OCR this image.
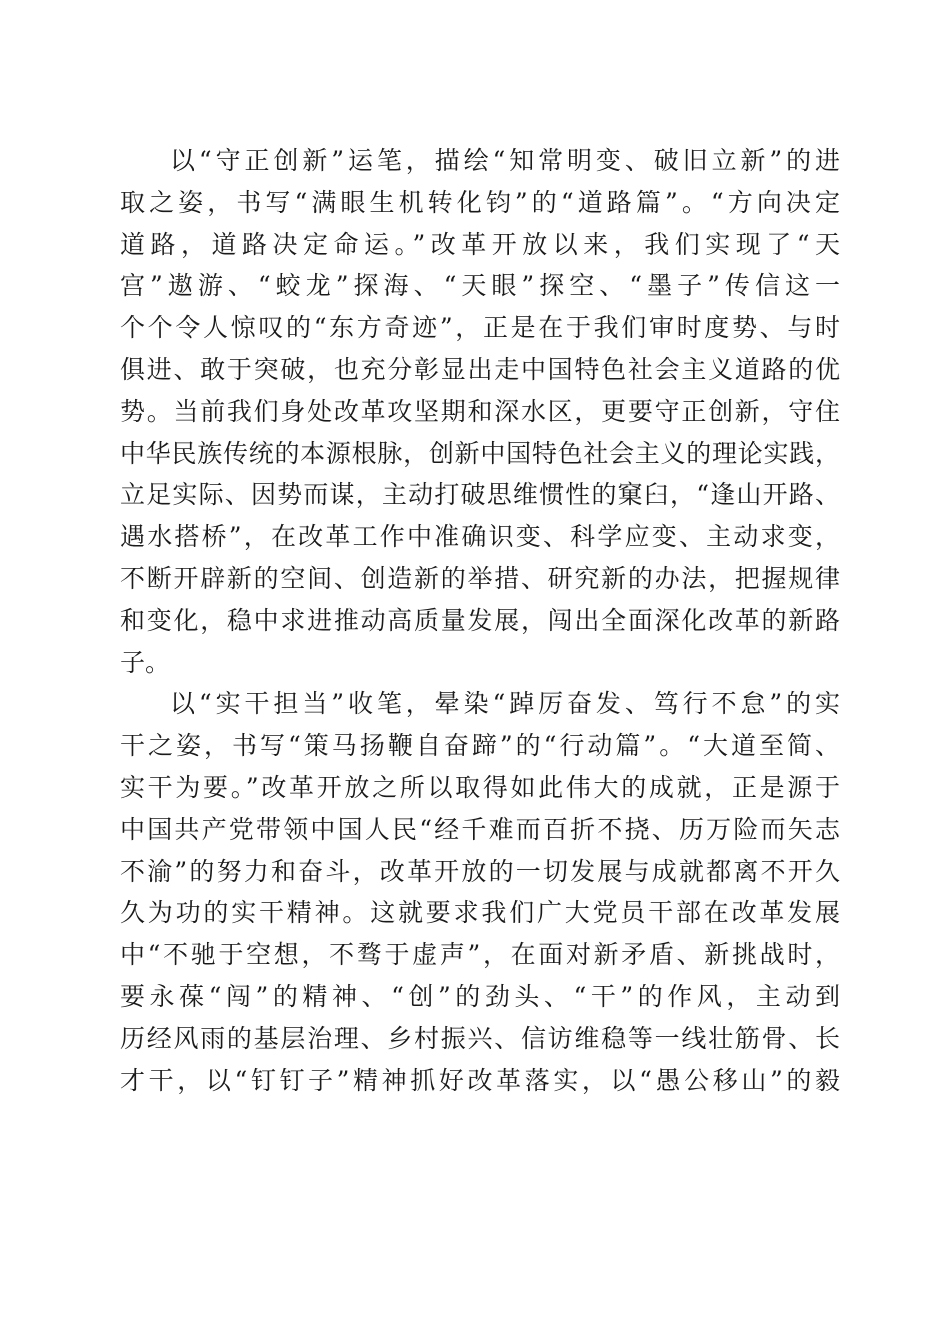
以“守正创新”运笔，描绘“知常明变、破旧立新”的进
取之姿，书写“满眼生机转化钧”的“道路篇”。“方向决定
道路，道路决定命运。”改革开放以来，我们实现了“天
宫”遨游、“蛟龙”探海、“天眼”探空、“墨子”传信这一
个个令人惊叹的“东方奇迹”，正是在于我们审时度势、与时
俱进、敢于突破，也充分彰显出走中国特色社会主义道路的优
势。当前我们身处改革攻坚期和深水区，更要守正创新，守住
中华民族传统的本源根脉，创新中国特色社会主义的理论实践，
立足实际、因势而谋，主动打破思维惯性的窠臼，“逢山开路、
遇水搭桥”，在改革工作中准确识变、科学应变、主动求变，
不断开辟新的空间、创造新的举措、研究新的办法，把握规律
和变化，稳中求进推动高质量发展，闯出全面深化改革的新路
子。
以“实干担当”收笔，晕染“踔厉奋发、笃行不怠”的实
干之姿，书写“策马扬鞭自奋蹄”的“行动篇”。“大道至简、
实干为要。”改革开放之所以取得如此伟大的成就，正是源于
中国共产党带领中国人民“经千难而百折不挠、历万险而矢志
不渝”的努力和奋斗，改革开放的一切发展与成就都离不开久
久为功的实干精神。这就要求我们广大党员干部在改革发展
中“不驰于空想，不骛于虚声”，在面对新矛盾、新挑战时，
要永葆“闯”的精神、“创”的劲头、“干”的作风，主动到
历经风雨的基层治理、乡村振兴、信访维稳等一线壮筋骨、长
才干，以“钉钉子”精神抓好改革落实，以“愚公移山”的毅
